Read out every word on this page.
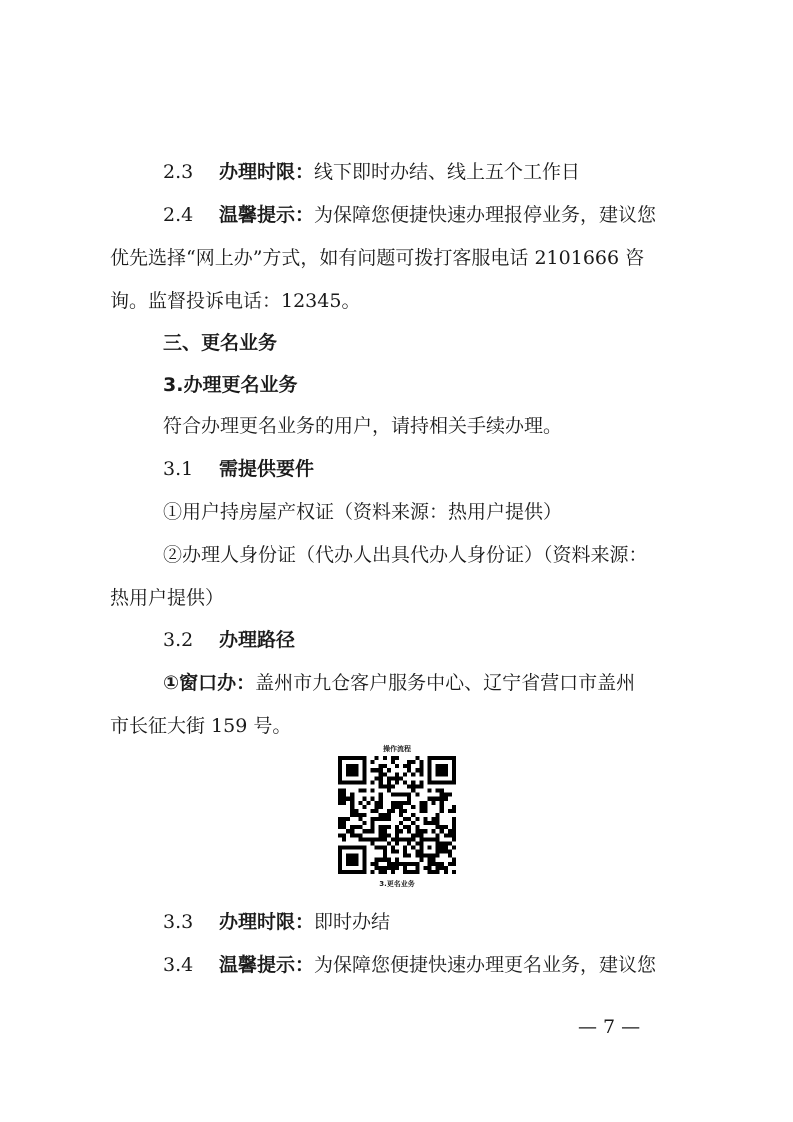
2.3 办理时限：线下即时办结、线上五个工作日
2.4 温馨提示：为保障您便捷快速办理报停业务，建议您
优先选择“网上办”方式，如有问题可拨打客服电话 2101666 咨
询。监督投诉电话：12345。
三、更名业务
3.办理更名业务
符合办理更名业务的用户，请持相关手续办理。
3.1 需提供要件
①用户持房屋产权证（资料来源：热用户提供）
②办理人身份证（代办人出具代办人身份证）（资料来源：
热用户提供）
3.2 办理路径
①窗口办：盖州市九仓客户服务中心、辽宁省营口市盖州
市长征大街 159 号。
操作流程
3.更名业务
3.3 办理时限：即时办结
3.4 温馨提示：为保障您便捷快速办理更名业务，建议您
— 7 —
